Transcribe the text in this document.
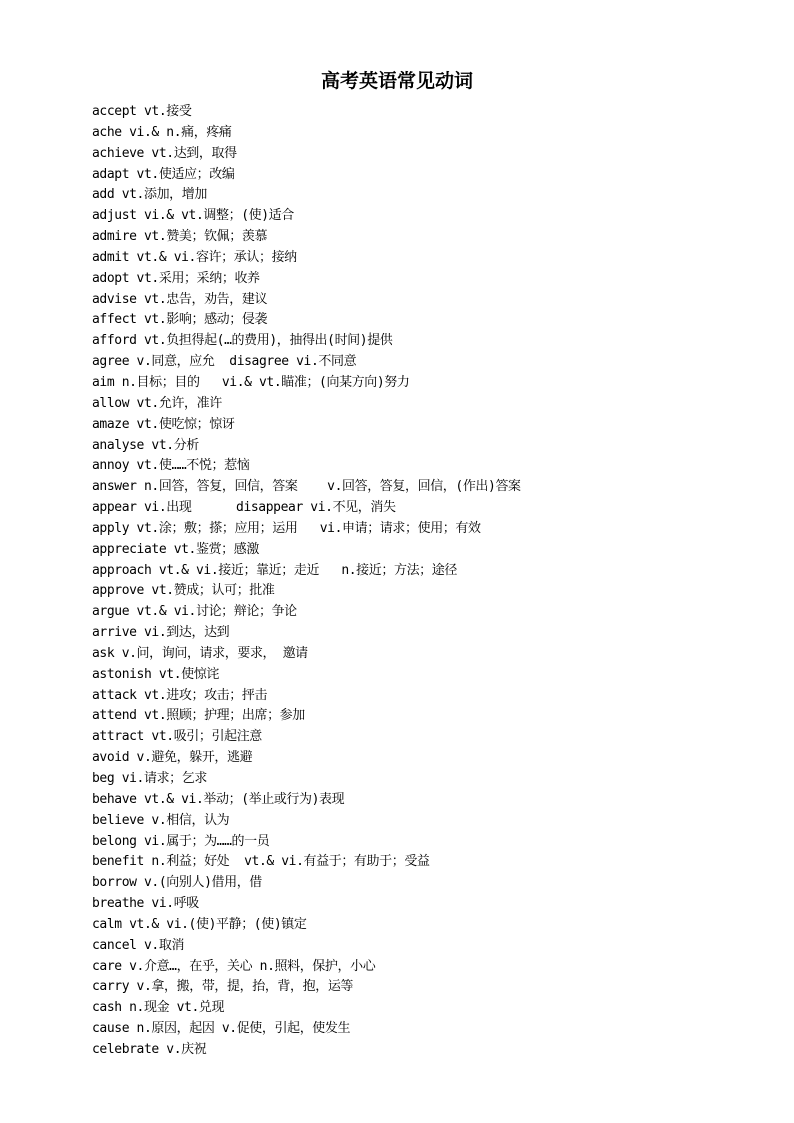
高考英语常见动词
accept vt.接受
ache vi.& n.痛，疼痛
achieve vt.达到，取得
adapt vt.使适应；改编
add vt.添加，增加
adjust vi.& vt.调整；(使)适合
admire vt.赞美；钦佩；羡慕
admit vt.& vi.容许；承认；接纳
adopt vt.采用；采纳；收养
advise vt.忠告，劝告，建议
affect vt.影响；感动；侵袭
afford vt.负担得起(…的费用)，抽得出(时间)提供
agree v.同意，应允  disagree vi.不同意
aim n.目标；目的   vi.& vt.瞄准；(向某方向)努力
allow vt.允许，准许
amaze vt.使吃惊；惊讶
analyse vt.分析
annoy vt.使……不悦；惹恼
answer n.回答，答复，回信，答案    v.回答，答复，回信，(作出)答案
appear vi.出现      disappear vi.不见，消失
apply vt.涂；敷；搽；应用；运用   vi.申请；请求；使用；有效
appreciate vt.鉴赏；感激
approach vt.& vi.接近；靠近；走近   n.接近；方法；途径
approve vt.赞成；认可；批准
argue vt.& vi.讨论；辩论；争论
arrive vi.到达，达到
ask v.问，询问，请求，要求， 邀请
astonish vt.使惊诧
attack vt.进攻；攻击；抨击
attend vt.照顾；护理；出席；参加
attract vt.吸引；引起注意
avoid v.避免，躲开，逃避
beg vi.请求；乞求
behave vt.& vi.举动；(举止或行为)表现
believe v.相信，认为
belong vi.属于；为……的一员
benefit n.利益；好处  vt.& vi.有益于；有助于；受益
borrow v.(向别人)借用，借
breathe vi.呼吸
calm vt.& vi.(使)平静；(使)镇定
cancel v.取消
care v.介意…，在乎，关心 n.照料，保护，小心
carry v.拿，搬，带，提，抬，背，抱，运等
cash n.现金 vt.兑现
cause n.原因，起因 v.促使，引起，使发生
celebrate v.庆祝
